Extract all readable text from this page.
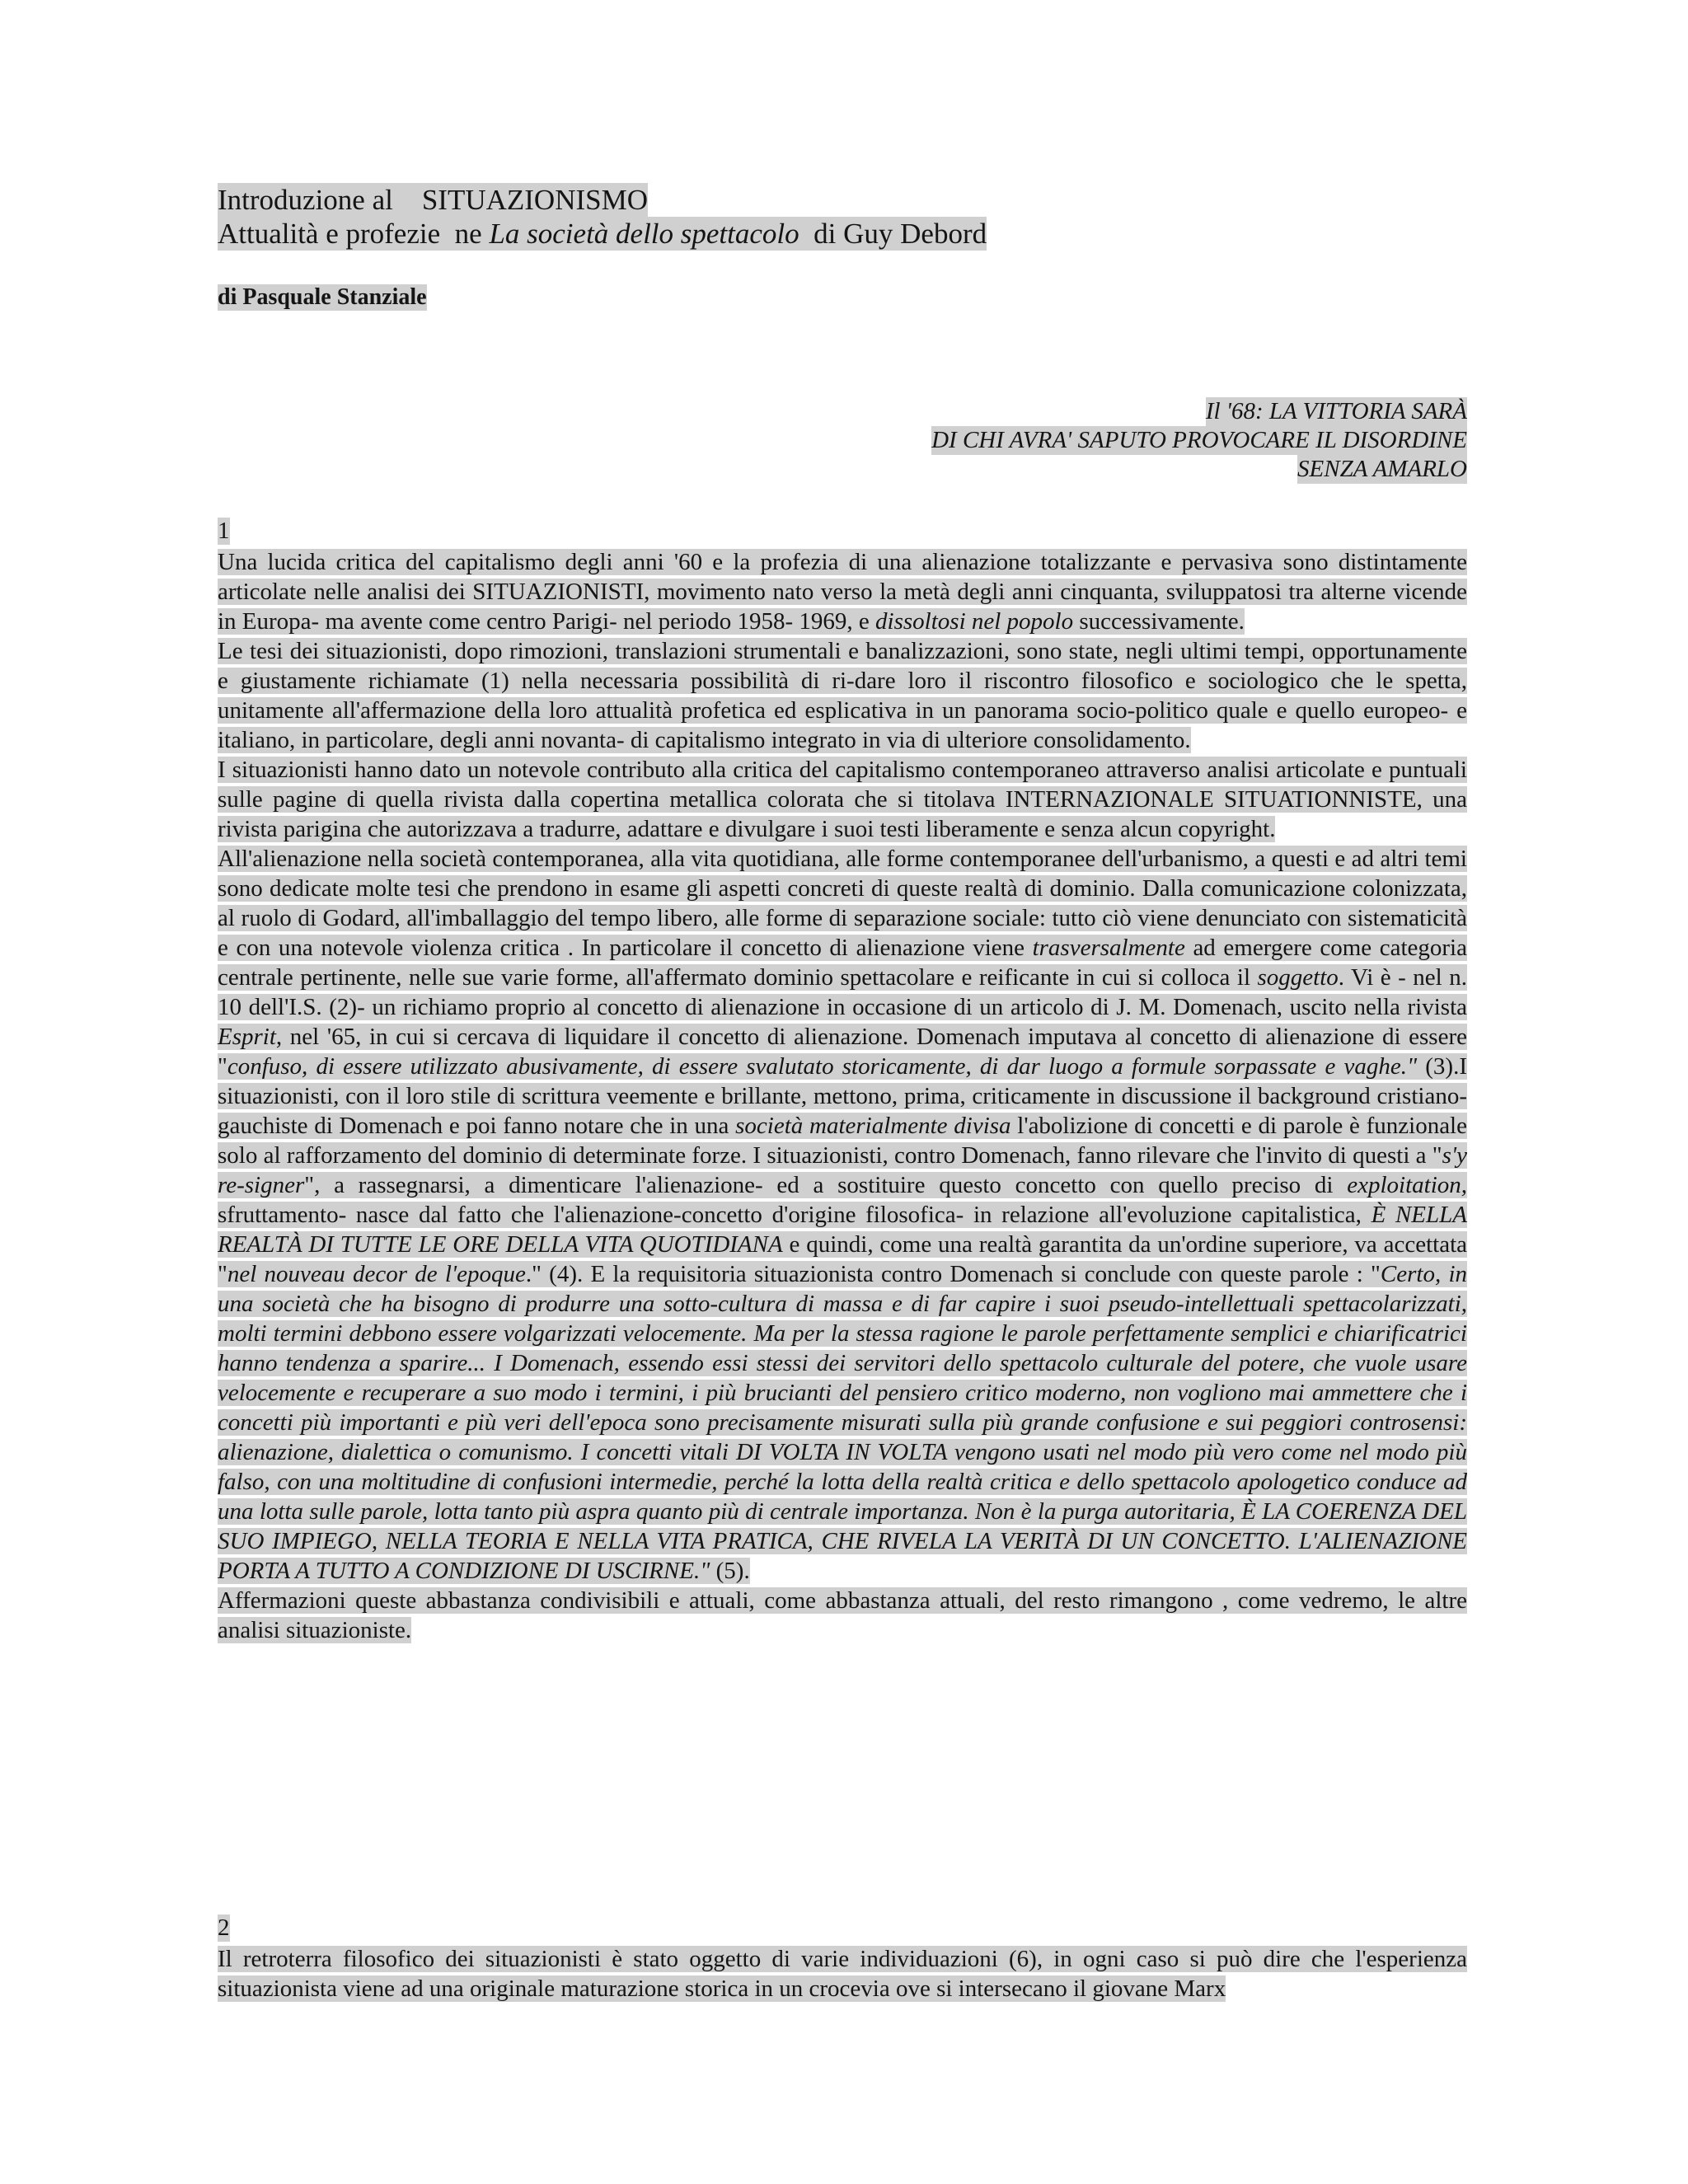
Introduzione al    SITUAZIONISMO
Attualità e profezie  ne La società dello spettacolo  di Guy Debord
di Pasquale Stanziale
Il '68: LA VITTORIA SARÀ
DI CHI AVRA' SAPUTO PROVOCARE IL DISORDINE
SENZA AMARLO
1

Una lucida critica del capitalismo degli anni '60 e la profezia di una alienazione totalizzante e pervasiva sono distintamente articolate nelle analisi dei SITUAZIONISTI, movimento nato verso la metà degli anni cinquanta, sviluppatosi tra alterne vicende in Europa- ma avente come centro Parigi- nel periodo 1958- 1969, e dissoltosi nel popolo successivamente.

Le tesi dei situazionisti, dopo rimozioni, translazioni strumentali e banalizzazioni, sono state, negli ultimi tempi, opportunamente e giustamente richiamate (1) nella necessaria possibilità di ri-dare loro il riscontro filosofico e sociologico che le spetta, unitamente all'affermazione della loro attualità profetica ed esplicativa in un panorama socio-politico quale e quello europeo- e italiano, in particolare, degli anni novanta- di capitalismo integrato in via di ulteriore consolidamento.

I situazionisti hanno dato un notevole contributo alla critica del capitalismo contemporaneo attraverso analisi articolate e puntuali sulle pagine di quella rivista dalla copertina metallica colorata che si titolava INTERNAZIONALE SITUATIONNISTE, una rivista parigina che autorizzava a tradurre, adattare e divulgare i suoi testi liberamente e senza alcun copyright.

All'alienazione nella società contemporanea, alla vita quotidiana, alle forme contemporanee dell'urbanismo, a questi e ad altri temi sono dedicate molte tesi che prendono in esame gli aspetti concreti di queste realtà di dominio. Dalla comunicazione colonizzata, al ruolo di Godard, all'imballaggio del tempo libero, alle forme di separazione sociale: tutto ciò viene denunciato con sistematicità e con una notevole violenza critica . In particolare il concetto di alienazione viene trasversalmente ad emergere come categoria centrale pertinente, nelle sue varie forme, all'affermato dominio spettacolare e reificante in cui si colloca il soggetto. Vi è - nel n. 10 dell'I.S. (2)- un richiamo proprio al concetto di alienazione in occasione di un articolo di J. M. Domenach, uscito nella rivista Esprit, nel '65, in cui si cercava di liquidare il concetto di alienazione. Domenach imputava al concetto di alienazione di essere "confuso, di essere utilizzato abusivamente, di essere svalutato storicamente, di dar luogo a formule sorpassate e vaghe." (3).I situazionisti, con il loro stile di scrittura veemente e brillante, mettono, prima, criticamente in discussione il background cristiano-gauchiste di Domenach e poi fanno notare che in una società materialmente divisa l'abolizione di concetti e di parole è funzionale solo al rafforzamento del dominio di determinate forze. I situazionisti, contro Domenach, fanno rilevare che l'invito di questi a "s'y re-signer", a rassegnarsi, a dimenticare l'alienazione- ed a sostituire questo concetto con quello preciso di exploitation, sfruttamento- nasce dal fatto che l'alienazione-concetto d'origine filosofica- in relazione all'evoluzione capitalistica, È NELLA REALTÀ DI TUTTE LE ORE DELLA VITA QUOTIDIANA e quindi, come una realtà garantita da un'ordine superiore, va accettata "nel nouveau decor de l'epoque." (4). E la requisitoria situazionista contro Domenach si conclude con queste parole : "Certo, in una società che ha bisogno di produrre una sotto-cultura di massa e di far capire i suoi pseudo-intellettuali spettacolarizzati, molti termini debbono essere volgarizzati velocemente. Ma per la stessa ragione le parole perfettamente semplici e chiarificatrici hanno tendenza a sparire... I Domenach, essendo essi stessi dei servitori dello spettacolo culturale del potere, che vuole usare velocemente e recuperare a suo modo i termini, i più brucianti del pensiero critico moderno, non vogliono mai ammettere che i concetti più importanti e più veri dell'epoca sono precisamente misurati sulla più grande confusione e sui peggiori controsensi: alienazione, dialettica o comunismo. I concetti vitali DI VOLTA IN VOLTA vengono usati nel modo più vero come nel modo più falso, con una moltitudine di confusioni intermedie, perché la lotta della realtà critica e dello spettacolo apologetico conduce ad una lotta sulle parole, lotta tanto più aspra quanto più di centrale importanza. Non è la purga autoritaria, È LA COERENZA DEL SUO IMPIEGO, NELLA TEORIA E NELLA VITA PRATICA, CHE RIVELA LA VERITÀ DI UN CONCETTO. L'ALIENAZIONE PORTA A TUTTO A CONDIZIONE DI USCIRNE." (5).

Affermazioni queste abbastanza condivisibili e attuali, come abbastanza attuali, del resto rimangono , come vedremo, le altre analisi situazioniste.

2

Il retroterra filosofico dei situazionisti è stato oggetto di varie individuazioni (6), in ogni caso si può dire che l'esperienza situazionista viene ad una originale maturazione storica in un crocevia ove si intersecano il giovane Marx
